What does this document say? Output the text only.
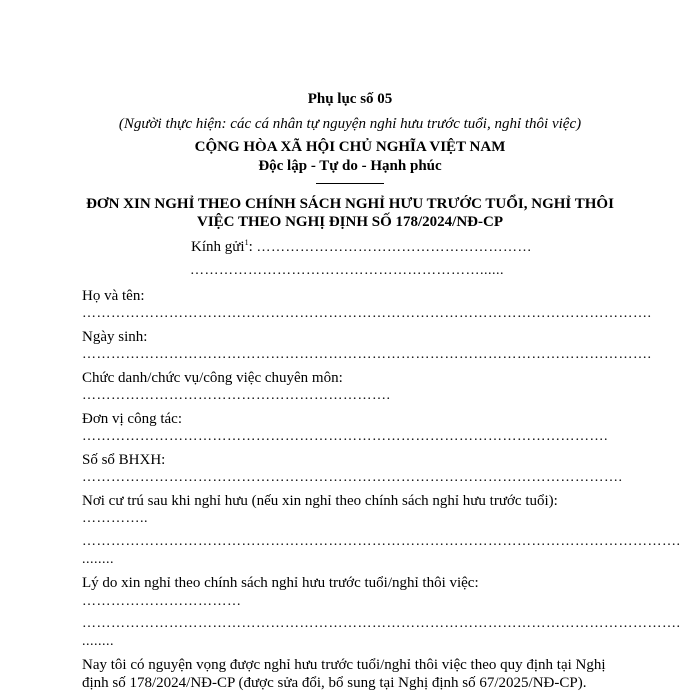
Phụ lục số 05
(Người thực hiện: các cá nhân tự nguyện nghỉ hưu trước tuổi, nghỉ thôi việc)
CỘNG HÒA XÃ HỘI CHỦ NGHĨA VIỆT NAM
Độc lập - Tự do - Hạnh phúc
ĐƠN XIN NGHỈ THEO CHÍNH SÁCH NGHỈ HƯU TRƯỚC TUỔI, NGHỈ THÔI
VIỆC THEO NGHỊ ĐỊNH SỐ 178/2024/NĐ-CP
Kính gửi$^1$: …………………………………………………
……………………………………………………......
Họ và tên:
……………………………………………………………………………………………………….
Ngày sinh:
……………………………………………………………………………………………………….
Chức danh/chức vụ/công việc chuyên môn:
……………………………………………………….
Đơn vị công tác:
……………………………………………………………………………………………….
Số sổ BHXH:
………………………………………………………………………………………………….
Nơi cư trú sau khi nghỉ hưu (nếu xin nghỉ theo chính sách nghỉ hưu trước tuổi):
…………..
…………………………………………………………………………………………………………….
........
Lý do xin nghỉ theo chính sách nghỉ hưu trước tuổi/nghỉ thôi việc:
……………………………
…………………………………………………………………………………………………………….
........
Nay tôi có nguyện vọng được nghỉ hưu trước tuổi/nghỉ thôi việc theo quy định tại Nghị
định số 178/2024/NĐ-CP (được sửa đổi, bổ sung tại Nghị định số 67/2025/NĐ-CP).
